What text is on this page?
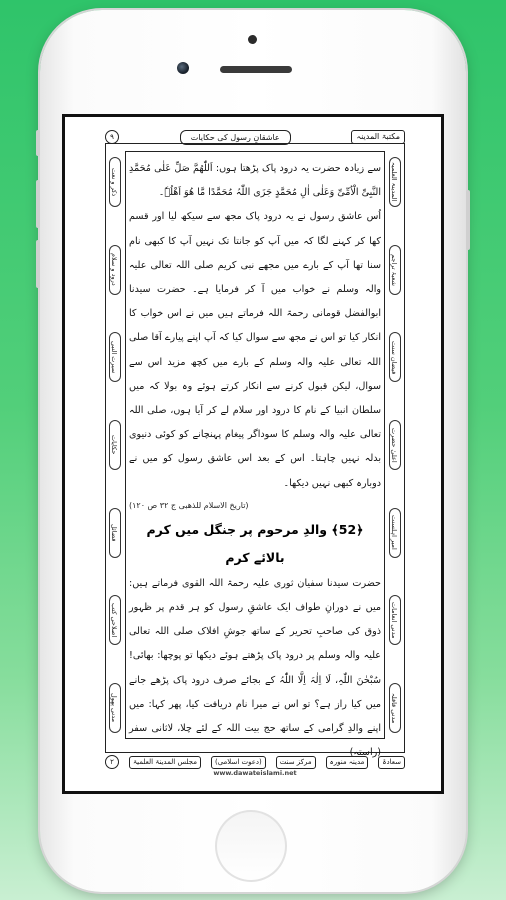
۹	عاشقانِ رسول کی حکایات	مکتبۃ المدینہ
ذکر و نعت
درود و سلام
سیرت النبی
حکایات
فضائل
اصلاحی کتب
مدنی پھول
المدینۃ العلمیہ
شعبۂ تراجم
فیضان سنت
اعلیٰ حضرت
امیر اہلسنت
مدنی انعامات
مدنی قافلہ

سے زیادہ حضرت یہ درود پاک پڑھتا ہوں: اَللّٰھُمَّ صَلِّ عَلٰی مُحَمَّدِ النَّبِیِّ الْاُمِّیِّ وَعَلٰی اٰلِ مُحَمَّدٍ جَزَی اللّٰہُ مُحَمَّدًا مَّا ھُوَ اَھْلُہٗ۔

اُس عاشق رسول نے یہ درود پاک مجھ سے سیکھ لیا اور قسم کھا کر کہنے لگا کہ میں آپ کو جانتا تک نہیں آپ کا کبھی نام سنا تھا آپ کے بارے میں مجھے نبی کریم صلی اللہ تعالی علیہ والہ وسلم نے خواب میں آ کر فرمایا ہے۔ حضرت سیدنا ابوالفضل قومانی رحمۃ اللہ فرماتے ہیں میں نے اس خواب کا انکار کیا تو اس نے مجھ سے سوال کیا کہ آپ اپنے پیارے آقا صلی اللہ تعالی علیہ والہ وسلم کے بارے میں کچھ مزید اس سے سوال، لیکن قبول کرنے سے انکار کرتے ہوئے وہ بولا کہ میں سلطان انبیا کے نام کا درود اور سلام لے کر آیا ہوں، صلی اللہ تعالی علیہ والہ وسلم کا سوداگر پیغام پہنچانے کو کوئی دنیوی بدلہ نہیں چاہتا۔ اس کے بعد اس عاشق رسول کو میں نے دوبارہ کبھی نہیں دیکھا۔

(تاریخ الاسلام للذھبی ج ۳۲ ص ۱۲۰)

﴿52﴾ والدِ مرحوم پر جنگل میں کرم بالائے کرم

حضرت سیدنا سفیان ثوری علیہ رحمۃ اللہ القوی فرماتے ہیں: میں نے دورانِ طواف ایک عاشقِ رسول کو ہر قدم پر ظہور ذوق کی صاحبِ تحریر کے ساتھ جوشِ افلاک صلی اللہ تعالی علیہ والہ وسلم پر درود پاک پڑھتے ہوئے دیکھا تو پوچھا: بھائی! سُبْحٰنَ اللّٰہِ، لَا اِلٰہَ اِلَّا اللّٰہُ کے بجائے صرف درود پاک پڑھے جانے میں کیا راز ہے؟ تو اس نے میرا نام دریافت کیا، پھر کہا: میں اپنے والدِ گرامی کے ساتھ حج بیت اللہ کے لئے چلا، لاثانی سفر (راستہ)

۲	مجلس المدینۃ العلمیۃ	(دعوت اسلامی)	مرکز سنت	مدینہ منورہ	سعادۃ
www.dawateislami.net
